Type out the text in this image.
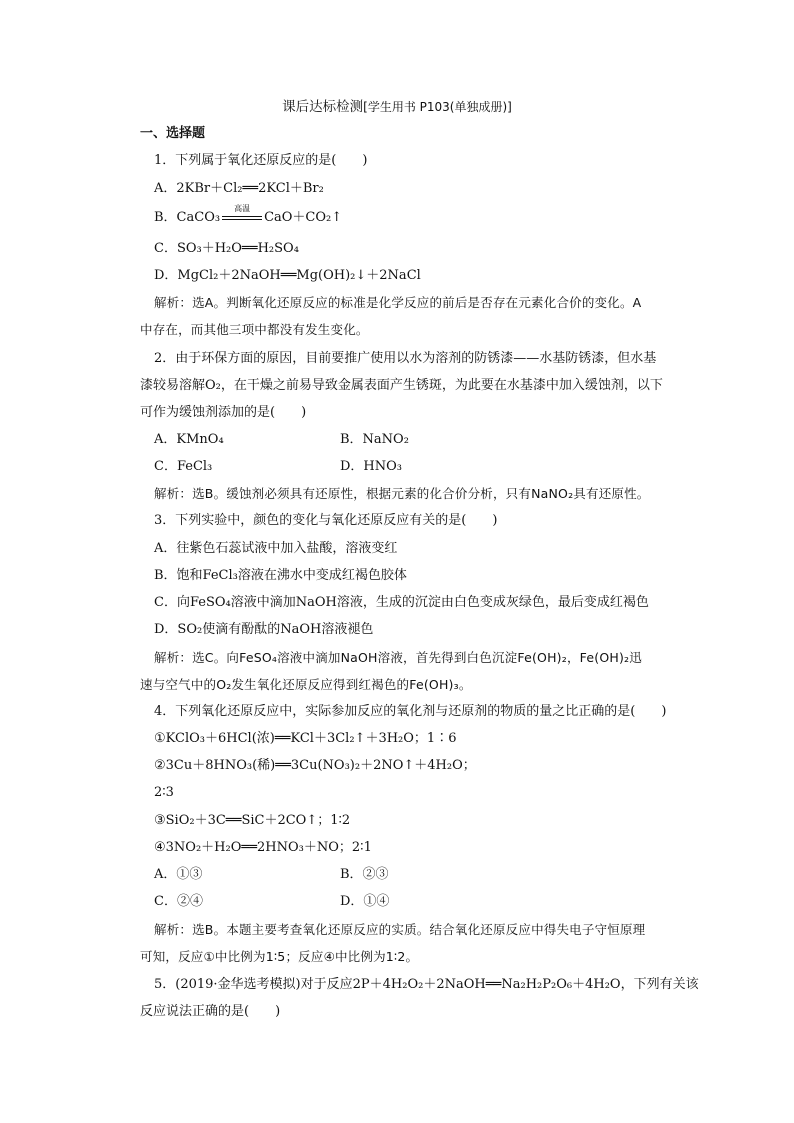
课后达标检测[学生用书 P103(单独成册)]
一、选择题
1．下列属于氧化还原反应的是(　　)
A．2KBr＋Cl₂══2KCl＋Br₂
B．CaCO₃
高温
CaO＋CO₂↑
C．SO₃＋H₂O══H₂SO₄
D．MgCl₂＋2NaOH══Mg(OH)₂↓＋2NaCl
解析：选A。判断氧化还原反应的标准是化学反应的前后是否存在元素化合价的变化。A
中存在，而其他三项中都没有发生变化。
2．由于环保方面的原因，目前要推广使用以水为溶剂的防锈漆——水基防锈漆，但水基
漆较易溶解O₂，在干燥之前易导致金属表面产生锈斑，为此要在水基漆中加入缓蚀剂，以下
可作为缓蚀剂添加的是(　　)
A．KMnO₄	B．NaNO₂
C．FeCl₃	D．HNO₃
解析：选B。缓蚀剂必须具有还原性，根据元素的化合价分析，只有NaNO₂具有还原性。
3．下列实验中，颜色的变化与氧化还原反应有关的是(　　)
A．往紫色石蕊试液中加入盐酸，溶液变红
B．饱和FeCl₃溶液在沸水中变成红褐色胶体
C．向FeSO₄溶液中滴加NaOH溶液，生成的沉淀由白色变成灰绿色，最后变成红褐色
D．SO₂使滴有酚酞的NaOH溶液褪色
解析：选C。向FeSO₄溶液中滴加NaOH溶液，首先得到白色沉淀Fe(OH)₂，Fe(OH)₂迅
速与空气中的O₂发生氧化还原反应得到红褐色的Fe(OH)₃。
4．下列氧化还原反应中，实际参加反应的氧化剂与还原剂的物质的量之比正确的是(　　)
①KClO₃＋6HCl(浓)══KCl＋3Cl₂↑＋3H₂O；1∶6
②3Cu＋8HNO₃(稀)══3Cu(NO₃)₂＋2NO↑＋4H₂O；
2∶3
③SiO₂＋3C══SiC＋2CO↑；1∶2
④3NO₂＋H₂O══2HNO₃＋NO；2∶1
A．①③	B．②③
C．②④	D．①④
解析：选B。本题主要考查氧化还原反应的实质。结合氧化还原反应中得失电子守恒原理
可知，反应①中比例为1∶5；反应④中比例为1∶2。
5．(2019·金华选考模拟)对于反应2P＋4H₂O₂＋2NaOH══Na₂H₂P₂O₆＋4H₂O，下列有关该
反应说法正确的是(　　)
